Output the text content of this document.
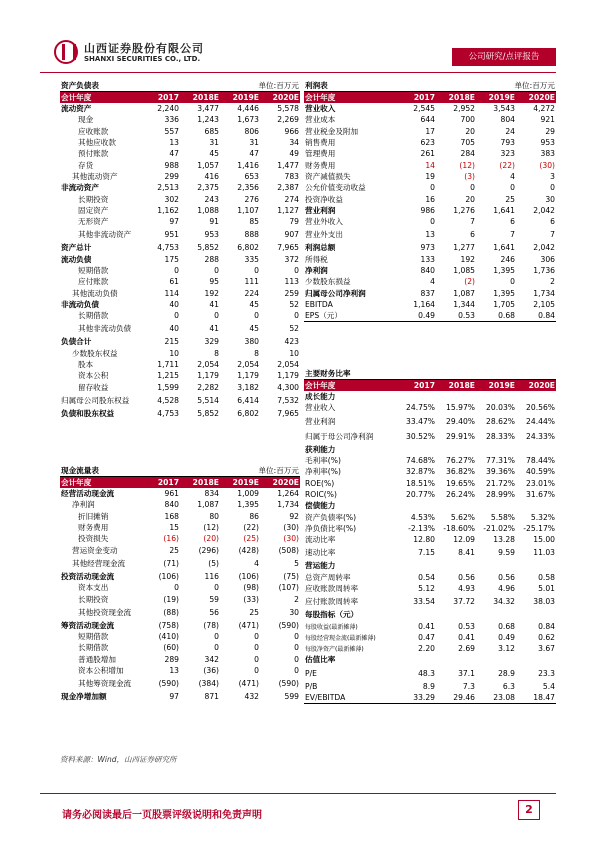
山西证券股份有限公司
SHANXI SECURITIES CO., LTD.	公司研究/点评报告
资产负债表			单位:百万元	
会计年度	2017	2018E	2019E	2020E
流动资产	2,240	3,477	4,446	5,578
现金	336	1,243	1,673	2,269
应收账款	557	685	806	966
其他应收款	13	31	31	34
预付账款	47	45	47	49
存货	988	1,057	1,416	1,477
其他流动资产	299	416	653	783
非流动资产	2,513	2,375	2,356	2,387
长期投资	302	243	276	274
固定资产	1,162	1,088	1,107	1,127
无形资产	97	91	85	79
其他非流动资产	951	953	888	907
资产总计	4,753	5,852	6,802	7,965
流动负债	175	288	335	372
短期借款	0	0	0	0
应付账款	61	95	111	113
其他流动负债	114	192	224	259
非流动负债	40	41	45	52
长期借款	0	0	0	0
其他非流动负债	40	41	45	52
负债合计	215	329	380	423
少数股东权益	10	8	8	10
股本	1,711	2,054	2,054	2,054
资本公积	1,215	1,179	1,179	1,179
留存收益	1,599	2,282	3,182	4,300
归属母公司股东权益	4,528	5,514	6,414	7,532
负债和股东权益	4,753	5,852	6,802	7,965
现金流量表			单位:百万元	
会计年度	2017	2018E	2019E	2020E
经营活动现金流	961	834	1,009	1,264
净利润	840	1,087	1,395	1,734
折旧摊销	168	80	86	92
财务费用	15	(12)	(22)	(30)
投资损失	(16)	(20)	(25)	(30)
营运资金变动	25	(296)	(428)	(508)
其他经营现金流	(71)	(5)	4	5
投资活动现金流	(106)	116	(106)	(75)
资本支出	0	0	(98)	(107)
长期投资	(19)	59	(33)	2
其他投资现金流	(88)	56	25	30
筹资活动现金流	(758)	(78)	(471)	(590)
短期借款	(410)	0	0	0
长期借款	(60)	0	0	0
普通股增加	289	342	0	0
资本公积增加	13	(36)	0	0
其他筹资现金流	(590)	(384)	(471)	(590)
现金净增加额	97	871	432	599
利润表			单位:百万元	
会计年度	2017	2018E	2019E	2020E
营业收入	2,545	2,952	3,543	4,272
营业成本	644	700	804	921
营业税金及附加	17	20	24	29
销售费用	623	705	793	953
管理费用	261	284	323	383
财务费用	14	(12)	(22)	(30)
资产减值损失	19	(3)	4	3
公允价值变动收益	0	0	0	0
投资净收益	16	20	25	30
营业利润	986	1,276	1,641	2,042
营业外收入	0	7	6	6
营业外支出	13	6	7	7
利润总额	973	1,277	1,641	2,042
所得税	133	192	246	306
净利润	840	1,085	1,395	1,736
少数股东损益	4	(2)	0	2
归属母公司净利润	837	1,087	1,395	1,734
EBITDA	1,164	1,344	1,705	2,105
EPS（元）	0.49	0.53	0.68	0.84
主要财务比率				
会计年度	2017	2018E	2019E	2020E
成长能力				
营业收入	24.75%	15.97%	20.03%	20.56%
营业利润	33.47%	29.40%	28.62%	24.44%
归属于母公司净利润	30.52%	29.91%	28.33%	24.33%
获利能力				
毛利率(%)	74.68%	76.27%	77.31%	78.44%
净利率(%)	32.87%	36.82%	39.36%	40.59%
ROE(%)	18.51%	19.65%	21.72%	23.01%
ROIC(%)	20.77%	26.24%	28.99%	31.67%
偿债能力				
资产负债率(%)	4.53%	5.62%	5.58%	5.32%
净负债比率(%)	-2.13%	-18.60%	-21.02%	-25.17%
流动比率	12.80	12.09	13.28	15.00
速动比率	7.15	8.41	9.59	11.03
营运能力				
总资产周转率	0.54	0.56	0.56	0.58
应收账款周转率	5.12	4.93	4.96	5.01
应付账款周转率	33.54	37.72	34.32	38.03
每股指标（元）				
每股收益(最新摊薄)	0.41	0.53	0.68	0.84
每股经营现金流(最新摊薄)	0.47	0.41	0.49	0.62
每股净资产(最新摊薄)	2.20	2.69	3.12	3.67
估值比率				
P/E	48.3	37.1	28.9	23.3
P/B	8.9	7.3	6.3	5.4
EV/EBITDA	33.29	29.46	23.08	18.47
资料来源：Wind，山西证券研究所
请务必阅读最后一页股票评级说明和免责声明	2
